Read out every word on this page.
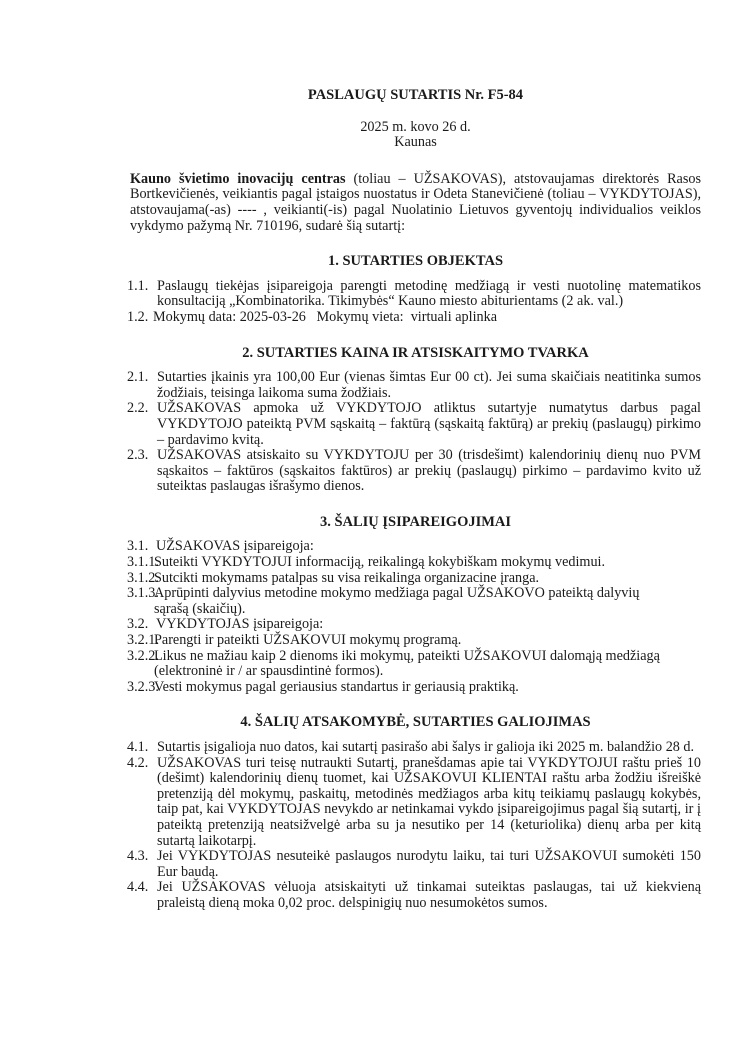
PASLAUGŲ SUTARTIS Nr. F5-84

2025 m. kovo 26 d.
Kaunas
Kauno švietimo inovacijų centras (toliau – UŽSAKOVAS), atstovaujamas direktorės Rasos Bortkevičienės, veikiantis pagal įstaigos nuostatus ir Odeta Stanevičienė (toliau – VYKDYTOJAS), atstovaujama(-as) ---- , veikianti(-is) pagal Nuolatinio Lietuvos gyventojų individualios veiklos vykdymo pažymą Nr. 710196, sudarė šią sutartį:
1. SUTARTIES OBJEKTAS
1.1. Paslaugų tiekėjas įsipareigoja parengti metodinę medžiagą ir vesti nuotolinę matematikos konsultaciją „Kombinatorika. Tikimybės“ Kauno miesto abiturientams (2 ak. val.)
1.2. Mokymų data: 2025-03-26   Mokymų vieta:  virtuali aplinka
2. SUTARTIES KAINA IR ATSISKAITYMO TVARKA
2.1. Sutarties įkainis yra 100,00 Eur (vienas šimtas Eur 00 ct). Jei suma skaičiais neatitinka sumos žodžiais, teisinga laikoma suma žodžiais.
2.2. UŽSAKOVAS apmoka už VYKDYTOJO atliktus sutartyje numatytus darbus pagal VYKDYTOJO pateiktą PVM sąskaitą – faktūrą (sąskaitą faktūrą) ar prekių (paslaugų) pirkimo – pardavimo kvitą.
2.3. UŽSAKOVAS atsiskaito su VYKDYTOJU per 30 (trisdešimt) kalendorinių dienų nuo PVM sąskaitos – faktūros (sąskaitos faktūros) ar prekių (paslaugų) pirkimo – pardavimo kvito už suteiktas paslaugas išrašymo dienos.
3. ŠALIŲ ĮSIPAREIGOJIMAI
3.1. UŽSAKOVAS įsipareigoja:
3.1.1.
Suteikti VYKDYTOJUI informaciją, reikalingą kokybiškam mokymų vedimui.
3.1.2.
Sutcikti mokymams patalpas su visa reikalinga organizacine įranga.
3.1.3.
Aprūpinti dalyvius metodine mokymo medžiaga pagal UŽSAKOVO pateiktą dalyvių sąrašą (skaičių).
3.2. VYKDYTOJAS įsipareigoja:
3.2.1.
Parengti ir pateikti UŽSAKOVUI mokymų programą.
3.2.2.
Likus ne mažiau kaip 2 dienoms iki mokymų, pateikti UŽSAKOVUI dalomąją medžiagą (elektroninė ir / ar spausdintinė formos).
3.2.3.
Vesti mokymus pagal geriausius standartus ir geriausią praktiką.
4. ŠALIŲ ATSAKOMYBĖ, SUTARTIES GALIOJIMAS
4.1. Sutartis įsigalioja nuo datos, kai sutartį pasirašo abi šalys ir galioja iki 2025 m. balandžio 28 d.
4.2. UŽSAKOVAS turi teisę nutraukti Sutartį, pranešdamas apie tai VYKDYTOJUI raštu prieš 10 (dešimt) kalendorinių dienų tuomet, kai UŽSAKOVUI KLIENTAI raštu arba žodžiu išreiškė pretenziją dėl mokymų, paskaitų, metodinės medžiagos arba kitų teikiamų paslaugų kokybės, taip pat, kai VYKDYTOJAS nevykdo ar netinkamai vykdo įsipareigojimus pagal šią sutartį, ir į pateiktą pretenziją neatsižvelgė arba su ja nesutiko per 14 (keturiolika) dienų arba per kitą sutartą laikotarpį.
4.3. Jei VYKDYTOJAS nesuteikė paslaugos nurodytu laiku, tai turi UŽSAKOVUI sumokėti 150 Eur baudą.
4.4. Jei UŽSAKOVAS vėluoja atsiskaityti už tinkamai suteiktas paslaugas, tai už kiekvieną praleistą dieną moka 0,02 proc. delspinigių nuo nesumokėtos sumos.
